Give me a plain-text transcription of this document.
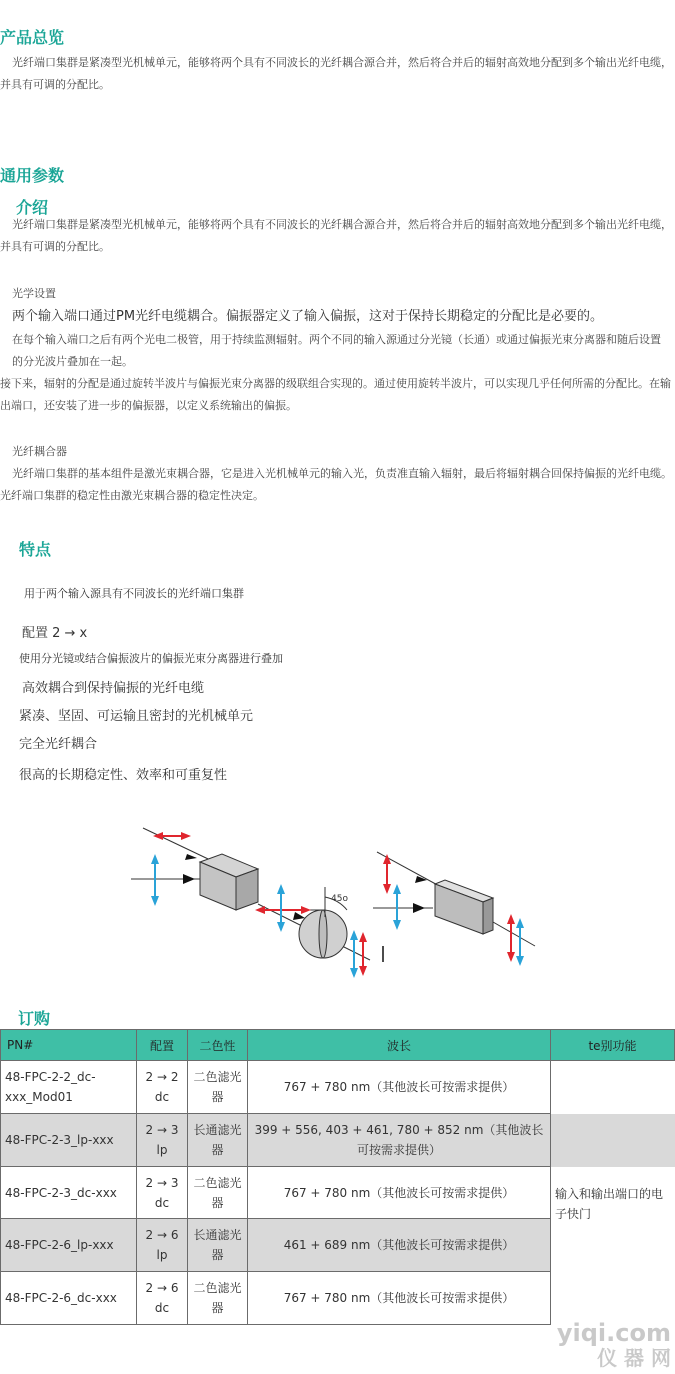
产品总览
光纤端口集群是紧凑型光机械单元，能够将两个具有不同波长的光纤耦合源合并，然后将合并后的辐射高效地分配到多个输出光纤电缆，并具有可调的分配比。
通用参数
介绍
光纤端口集群是紧凑型光机械单元，能够将两个具有不同波长的光纤耦合源合并，然后将合并后的辐射高效地分配到多个输出光纤电缆，并具有可调的分配比。
光学设置
两个输入端口通过PM光纤电缆耦合。偏振器定义了输入偏振，这对于保持长期稳定的分配比是必要的。
在每个输入端口之后有两个光电二极管，用于持续监测辐射。两个不同的输入源通过分光镜（长通）或通过偏振光束分离器和随后设置的分光波片叠加在一起。
接下来，辐射的分配是通过旋转半波片与偏振光束分离器的级联组合实现的。通过使用旋转半波片，可以实现几乎任何所需的分配比。在输出端口，还安装了进一步的偏振器，以定义系统输出的偏振。
光纤耦合器
光纤端口集群的基本组件是激光束耦合器，它是进入光机械单元的输入光，负责准直输入辐射，最后将辐射耦合回保持偏振的光纤电缆。光纤端口集群的稳定性由激光束耦合器的稳定性决定。
特点
用于两个输入源具有不同波长的光纤端口集群
配置 2 → x
使用分光镜或结合偏振波片的偏振光束分离器进行叠加
高效耦合到保持偏振的光纤电缆
紧凑、坚固、可运输且密封的光机械单元
完全光纤耦合
很高的长期稳定性、效率和可重复性
45o
订购
PN#	配置	二色性	波长	te别功能
48-FPC-2-2_dc-xxx_Mod01	2 → 2 dc	二色滤光器	767 + 780 nm（其他波长可按需求提供）	
48-FPC-2-3_lp-xxx	2 → 3 lp	长通滤光器	399 + 556, 403 + 461, 780 + 852 nm（其他波长可按需求提供）	
48-FPC-2-3_dc-xxx	2 → 3 dc	二色滤光器	767 + 780 nm（其他波长可按需求提供）	输入和输出端口的电子快门
48-FPC-2-6_lp-xxx	2 → 6 lp	长通滤光器	461 + 689 nm（其他波长可按需求提供）	
48-FPC-2-6_dc-xxx	2 → 6 dc	二色滤光器	767 + 780 nm（其他波长可按需求提供）	
yiqi.com
仪 器 网
